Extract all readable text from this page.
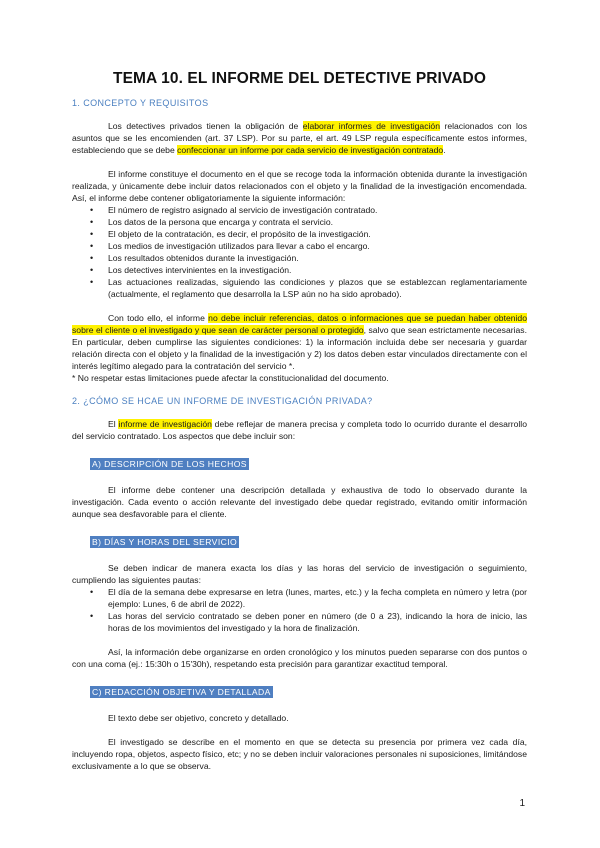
TEMA 10. EL INFORME DEL DETECTIVE PRIVADO
1. CONCEPTO Y REQUISITOS

Los detectives privados tienen la obligación de elaborar informes de investigación relacionados con los asuntos que se les encomienden (art. 37 LSP). Por su parte, el art. 49 LSP regula específicamente estos informes, estableciendo que se debe confeccionar un informe por cada servicio de investigación contratado.

El informe constituye el documento en el que se recoge toda la información obtenida durante la investigación realizada, y únicamente debe incluir datos relacionados con el objeto y la finalidad de la investigación encomendada. Así, el informe debe contener obligatoriamente la siguiente información:

• El número de registro asignado al servicio de investigación contratado.
• Los datos de la persona que encarga y contrata el servicio.
• El objeto de la contratación, es decir, el propósito de la investigación.
• Los medios de investigación utilizados para llevar a cabo el encargo.
• Los resultados obtenidos durante la investigación.
• Los detectives intervinientes en la investigación.
• Las actuaciones realizadas, siguiendo las condiciones y plazos que se establezcan reglamentariamente (actualmente, el reglamento que desarrolla la LSP aún no ha sido aprobado).

Con todo ello, el informe no debe incluir referencias, datos o informaciones que se puedan haber obtenido sobre el cliente o el investigado y que sean de carácter personal o protegido, salvo que sean estrictamente necesarias. En particular, deben cumplirse las siguientes condiciones: 1) la información incluida debe ser necesaria y guardar relación directa con el objeto y la finalidad de la investigación y 2) los datos deben estar vinculados directamente con el interés legítimo alegado para la contratación del servicio *.

* No respetar estas limitaciones puede afectar la constitucionalidad del documento.

2. ¿CÓMO SE HCAE UN INFORME DE INVESTIGACIÓN PRIVADA?

El informe de investigación debe reflejar de manera precisa y completa todo lo ocurrido durante el desarrollo del servicio contratado. Los aspectos que debe incluir son:

A) DESCRIPCIÓN DE LOS HECHOS

El informe debe contener una descripción detallada y exhaustiva de todo lo observado durante la investigación. Cada evento o acción relevante del investigado debe quedar registrado, evitando omitir información aunque sea desfavorable para el cliente.

B) DÍAS Y HORAS DEL SERVICIO

Se deben indicar de manera exacta los días y las horas del servicio de investigación o seguimiento, cumpliendo las siguientes pautas:

• El día de la semana debe expresarse en letra (lunes, martes, etc.) y la fecha completa en número y letra (por ejemplo: Lunes, 6 de abril de 2022).
• Las horas del servicio contratado se deben poner en número (de 0 a 23), indicando la hora de inicio, las horas de los movimientos del investigado y la hora de finalización.

Así, la información debe organizarse en orden cronológico y los minutos pueden separarse con dos puntos o con una coma (ej.: 15:30h o 15'30h), respetando esta precisión para garantizar exactitud temporal.

C) REDACCIÓN OBJETIVA Y DETALLADA

El texto debe ser objetivo, concreto y detallado.

El investigado se describe en el momento en que se detecta su presencia por primera vez cada día, incluyendo ropa, objetos, aspecto físico, etc; y no se deben incluir valoraciones personales ni suposiciones, limitándose exclusivamente a lo que se observa.

1
